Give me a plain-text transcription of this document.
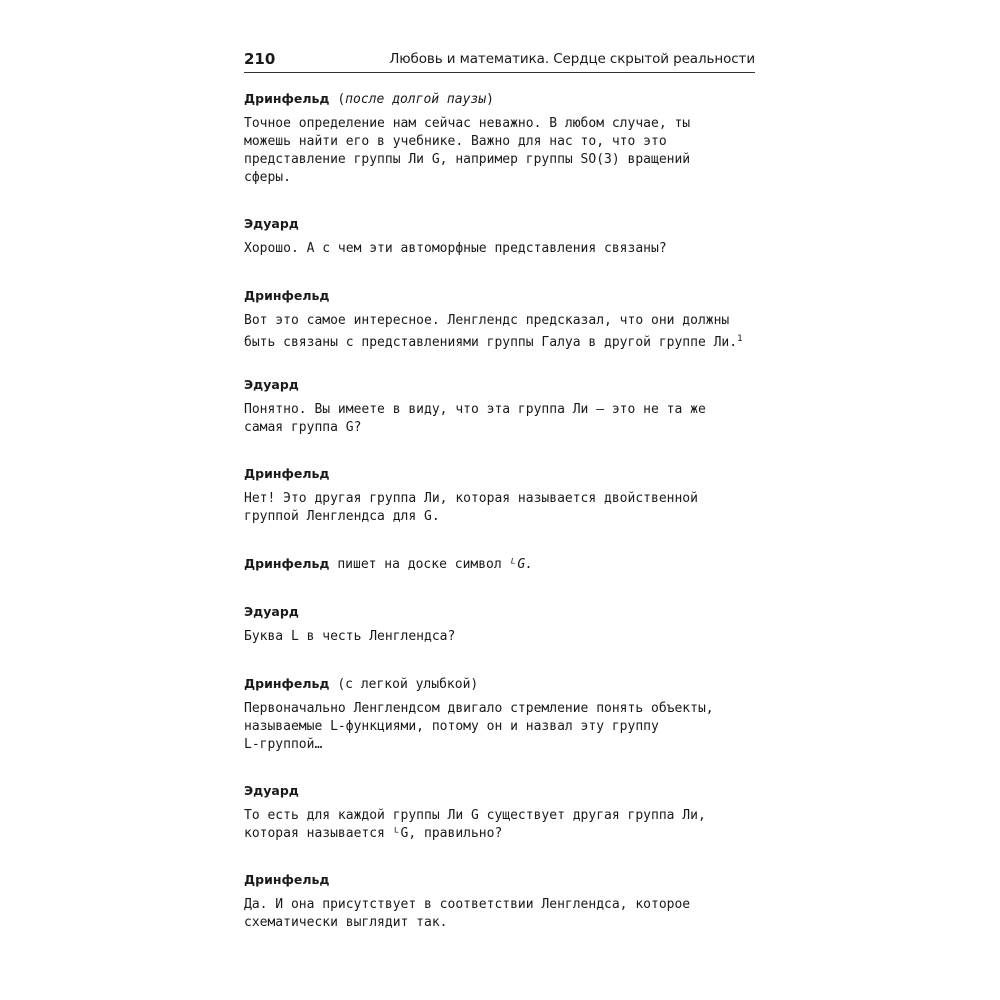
210	Любовь и математика. Сердце скрытой реальности
Дринфельд (после долгой паузы)
Точное определение нам сейчас неважно. В любом случае, ты
можешь найти его в учебнике. Важно для нас то, что это
представление группы Ли G, например группы SO(3) вращений
сферы.
Эдуард
Хорошо. А с чем эти автоморфные представления связаны?
Дринфельд
Вот это самое интересное. Ленглендс предсказал, что они должны
быть связаны с представлениями группы Галуа в другой группе Ли.$^1$
Эдуард
Понятно. Вы имеете в виду, что эта группа Ли — это не та же
самая группа G?
Дринфельд
Нет! Это другая группа Ли, которая называется двойственной
группой Ленглендса для G.
Дринфельд пишет на доске символ ᴸG.
Эдуард
Буква L в честь Ленглендса?
Дринфельд (с легкой улыбкой)
Первоначально Ленглендсом двигало стремление понять объекты,
называемые L-функциями, потому он и назвал эту группу
L-группой…
Эдуард
То есть для каждой группы Ли G существует другая группа Ли,
которая называется ᴸG, правильно?
Дринфельд
Да. И она присутствует в соответствии Ленглендса, которое
схематически выглядит так.
